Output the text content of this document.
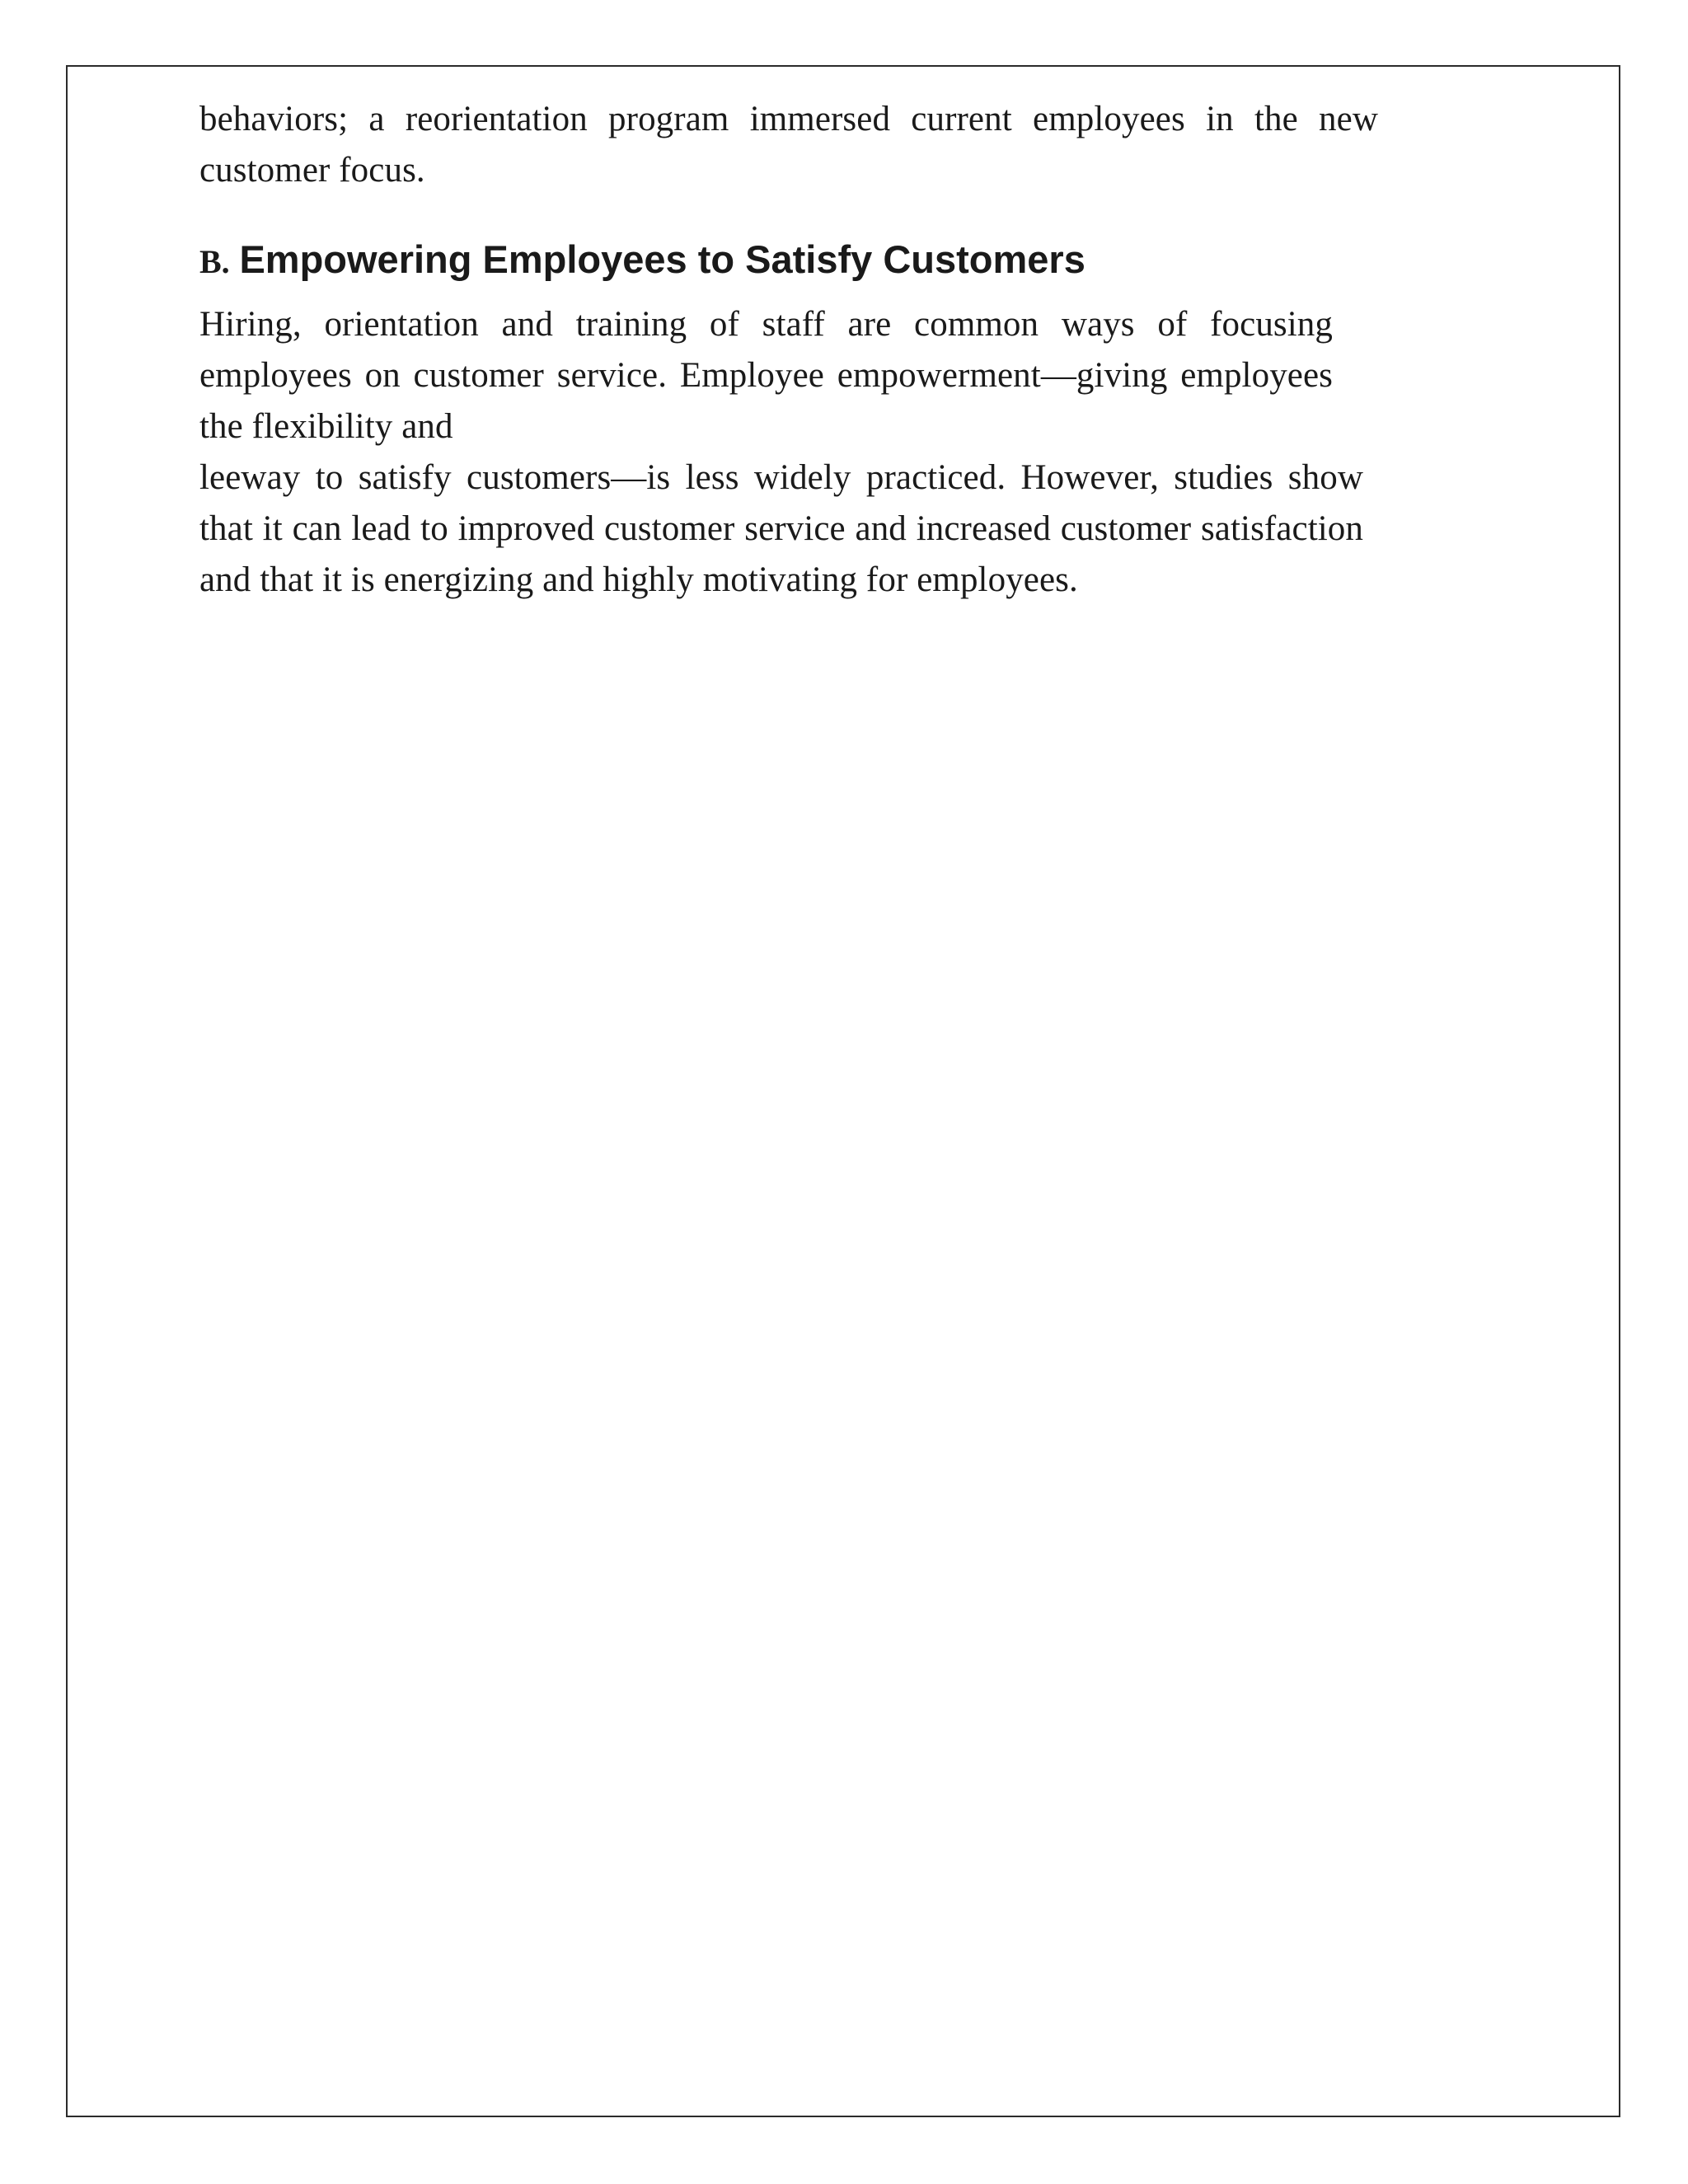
behaviors; a reorientation program immersed current employees in the new customer focus.

B. Empowering Employees to Satisfy Customers

Hiring, orientation and training of staff are common ways of focusing employees on customer service. Employee empowerment—giving employees the flexibility and

leeway to satisfy customers—is less widely practiced. However, studies show that it can lead to improved customer service and increased customer satisfaction and that it is energizing and highly motivating for employees.
